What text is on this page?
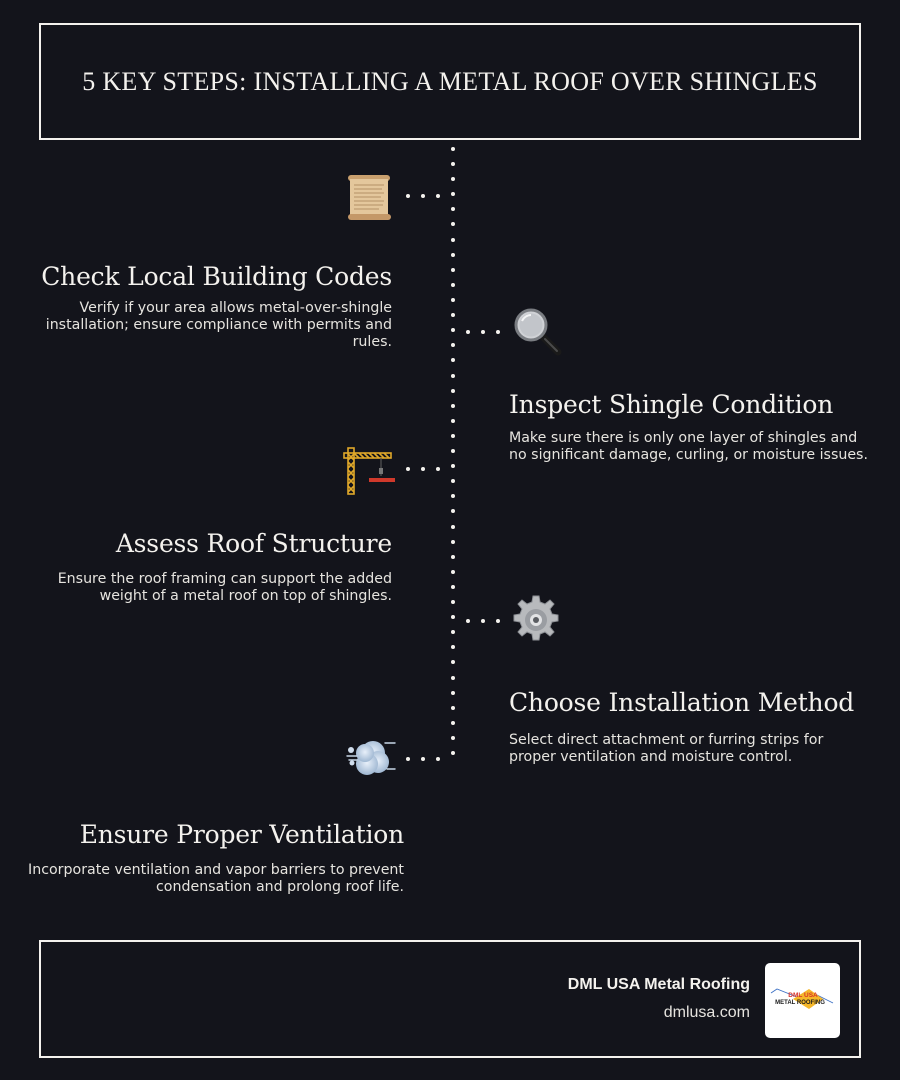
5 KEY STEPS: INSTALLING A METAL ROOF OVER SHINGLES
Check Local Building Codes
Verify if your area allows metal-over-shingle installation; ensure compliance with permits and rules.
Inspect Shingle Condition
Make sure there is only one layer of shingles and no significant damage, curling, or moisture issues.
Assess Roof Structure
Ensure the roof framing can support the added weight of a metal roof on top of shingles.
Choose Installation Method
Select direct attachment or furring strips for proper ventilation and moisture control.
Ensure Proper Ventilation
Incorporate ventilation and vapor barriers to prevent condensation and prolong roof life.
DML USA Metal Roofing
dmlusa.com
DML USA
METAL ROOFING
